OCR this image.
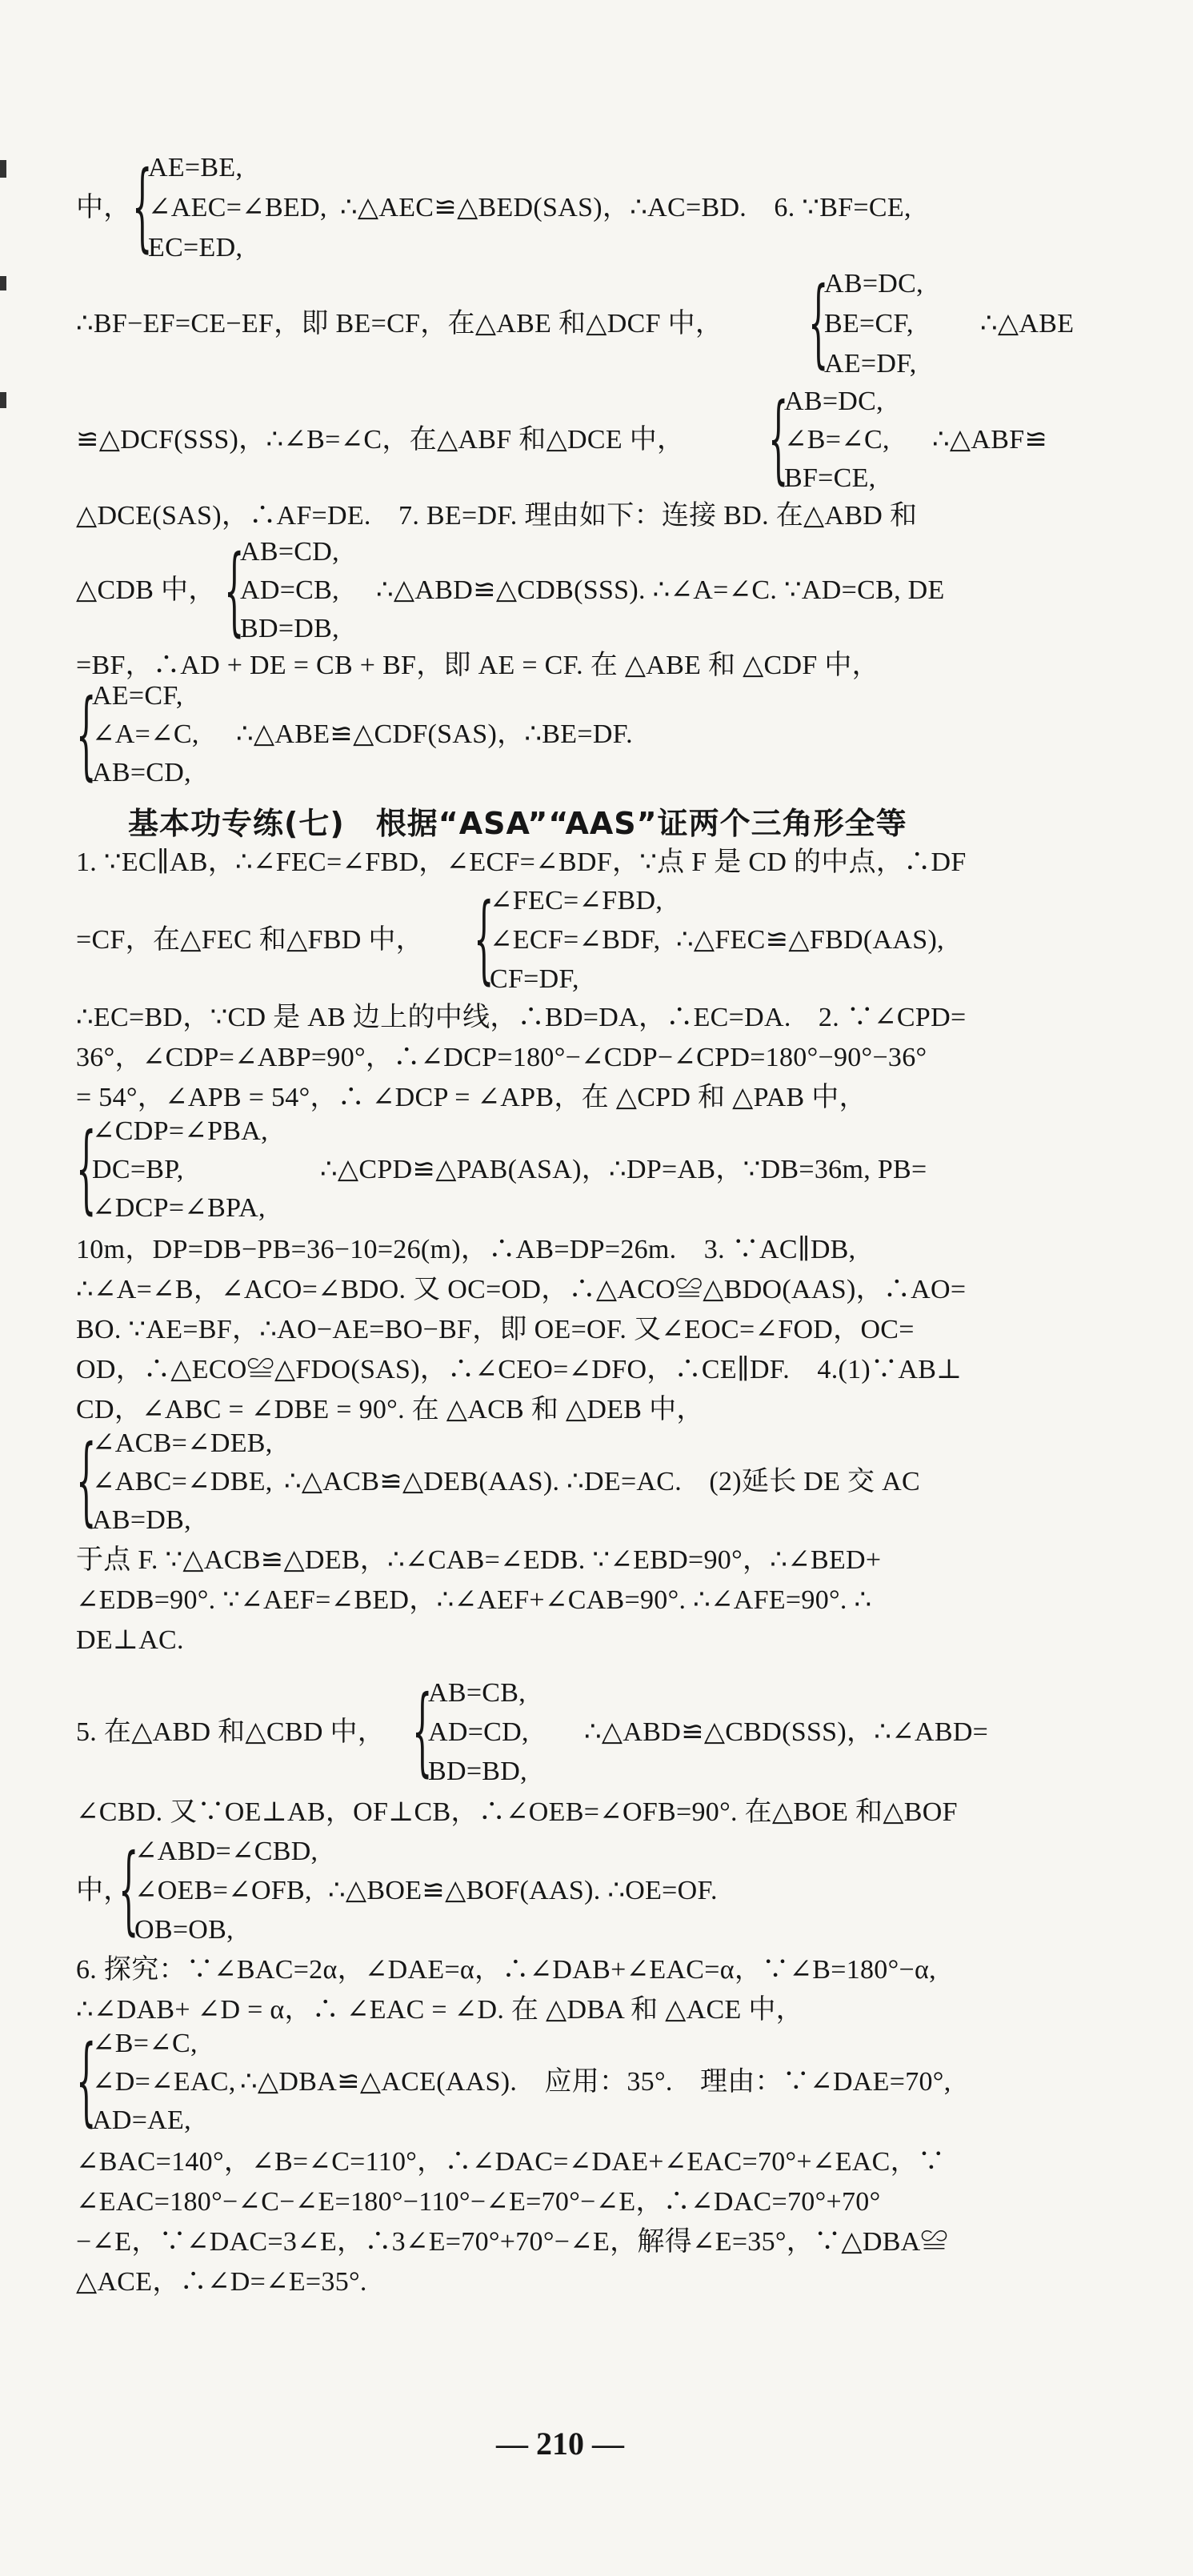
中， {
AE=BE,
∠AEC=∠BED,
EC=ED,
∴△AEC≌△BED(SAS)，∴AC=BD.　6. ∵BF=CE,
∴BF−EF=CE−EF，即 BE=CF，在△ABE 和△DCF 中，	{
AB=DC,
BE=CF,
AE=DF,
∴△ABE
≌△DCF(SSS)，∴∠B=∠C，在△ABF 和△DCE 中，	{
AB=DC,
∠B=∠C,
BF=CE,
∴△ABF≌
△DCE(SAS)，∴AF=DE.　7. BE=DF. 理由如下：连接 BD. 在△ABD 和
△CDB 中， {
AB=CD,
AD=CB,
BD=DB,
∴△ABD≌△CDB(SSS). ∴∠A=∠C. ∵AD=CB, DE
=BF，∴AD + DE = CB + BF，即 AE = CF. 在 △ABE 和 △CDF 中，
{
AE=CF,
∠A=∠C,
AB=CD,
∴△ABE≌△CDF(SAS)，∴BE=DF.
基本功专练(七)　根据“ASA”“AAS”证两个三角形全等
1. ∵EC∥AB，∴∠FEC=∠FBD，∠ECF=∠BDF，∵点 F 是 CD 的中点，∴DF
=CF，在△FEC 和△FBD 中， {
∠FEC=∠FBD,
∠ECF=∠BDF,
CF=DF,
∴△FEC≌△FBD(AAS),
∴EC=BD，∵CD 是 AB 边上的中线，∴BD=DA，∴EC=DA.　2. ∵∠CPD=
36°，∠CDP=∠ABP=90°，∴∠DCP=180°−∠CDP−∠CPD=180°−90°−36°
= 54°，∠APB = 54°，∴ ∠DCP = ∠APB，在 △CPD 和 △PAB 中，
{
∠CDP=∠PBA,
DC=BP,
∠DCP=∠BPA,
∴△CPD≌△PAB(ASA)，∴DP=AB，∵DB=36m, PB=
10m，DP=DB−PB=36−10=26(m)，∴AB=DP=26m.　3. ∵AC∥DB,
∴∠A=∠B，∠ACO=∠BDO. 又 OC=OD，∴△ACO≌△BDO(AAS)，∴AO=
BO. ∵AE=BF，∴AO−AE=BO−BF，即 OE=OF. 又∠EOC=∠FOD，OC=
OD，∴△ECO≌△FDO(SAS)，∴∠CEO=∠DFO，∴CE∥DF.　4.(1)∵AB⊥
CD，∠ABC = ∠DBE = 90°. 在 △ACB 和 △DEB 中，
{
∠ACB=∠DEB,
∠ABC=∠DBE,
AB=DB,
∴△ACB≌△DEB(AAS). ∴DE=AC.　(2)延长 DE 交 AC
于点 F. ∵△ACB≌△DEB，∴∠CAB=∠EDB. ∵∠EBD=90°，∴∠BED+
∠EDB=90°. ∵∠AEF=∠BED，∴∠AEF+∠CAB=90°. ∴∠AFE=90°. ∴
DE⊥AC.
5. 在△ABD 和△CBD 中， {
AB=CB,
AD=CD,
BD=BD,
∴△ABD≌△CBD(SSS)，∴∠ABD=
∠CBD. 又∵OE⊥AB，OF⊥CB，∴∠OEB=∠OFB=90°. 在△BOE 和△BOF
中，
{
∠ABD=∠CBD,
∠OEB=∠OFB,
OB=OB,
∴△BOE≌△BOF(AAS). ∴OE=OF.
6. 探究：∵∠BAC=2α，∠DAE=α，∴∠DAB+∠EAC=α，∵∠B=180°−α,
∴∠DAB+ ∠D = α，∴ ∠EAC = ∠D. 在 △DBA 和 △ACE 中，
{
∠B=∠C,
∠D=∠EAC,
AD=AE,
∴△DBA≌△ACE(AAS).　应用：35°.　理由：∵∠DAE=70°,
∠BAC=140°，∠B=∠C=110°，∴∠DAC=∠DAE+∠EAC=70°+∠EAC，∵
∠EAC=180°−∠C−∠E=180°−110°−∠E=70°−∠E，∴∠DAC=70°+70°
−∠E，∵∠DAC=3∠E，∴3∠E=70°+70°−∠E，解得∠E=35°，∵△DBA≌
△ACE，∴∠D=∠E=35°.
— 210 —
